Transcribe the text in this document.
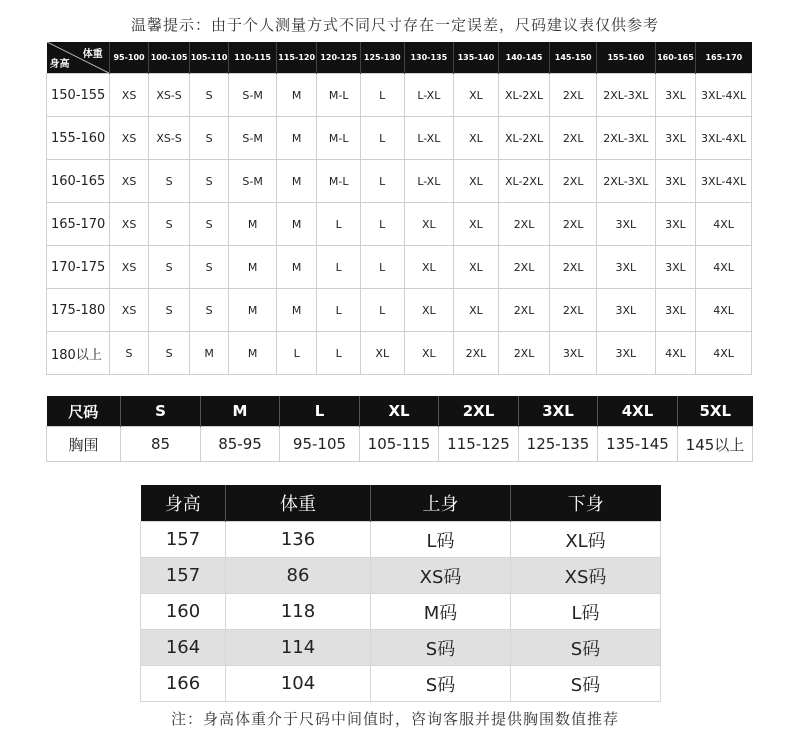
温馨提示：由于个人测量方式不同尺寸存在一定误差，尺码建议表仅供参考
体重
身高	95-100	100-105	105-110	110-115	115-120	120-125	125-130	130-135	135-140	140-145	145-150	155-160	160-165	165-170
150-155	XS	XS-S	S	S-M	M	M-L	L	L-XL	XL	XL-2XL	2XL	2XL-3XL	3XL	3XL-4XL
155-160	XS	XS-S	S	S-M	M	M-L	L	L-XL	XL	XL-2XL	2XL	2XL-3XL	3XL	3XL-4XL
160-165	XS	S	S	S-M	M	M-L	L	L-XL	XL	XL-2XL	2XL	2XL-3XL	3XL	3XL-4XL
165-170	XS	S	S	M	M	L	L	XL	XL	2XL	2XL	3XL	3XL	4XL
170-175	XS	S	S	M	M	L	L	XL	XL	2XL	2XL	3XL	3XL	4XL
175-180	XS	S	S	M	M	L	L	XL	XL	2XL	2XL	3XL	3XL	4XL
180以上	S	S	M	M	L	L	XL	XL	2XL	2XL	3XL	3XL	4XL	4XL
尺码	S	M	L	XL	2XL	3XL	4XL	5XL
胸围	85	85-95	95-105	105-115	115-125	125-135	135-145	145以上
身高	体重	上身	下身
157	136	L码	XL码
157	86	XS码	XS码
160	118	M码	L码
164	114	S码	S码
166	104	S码	S码
注：身高体重介于尺码中间值时，咨询客服并提供胸围数值推荐
